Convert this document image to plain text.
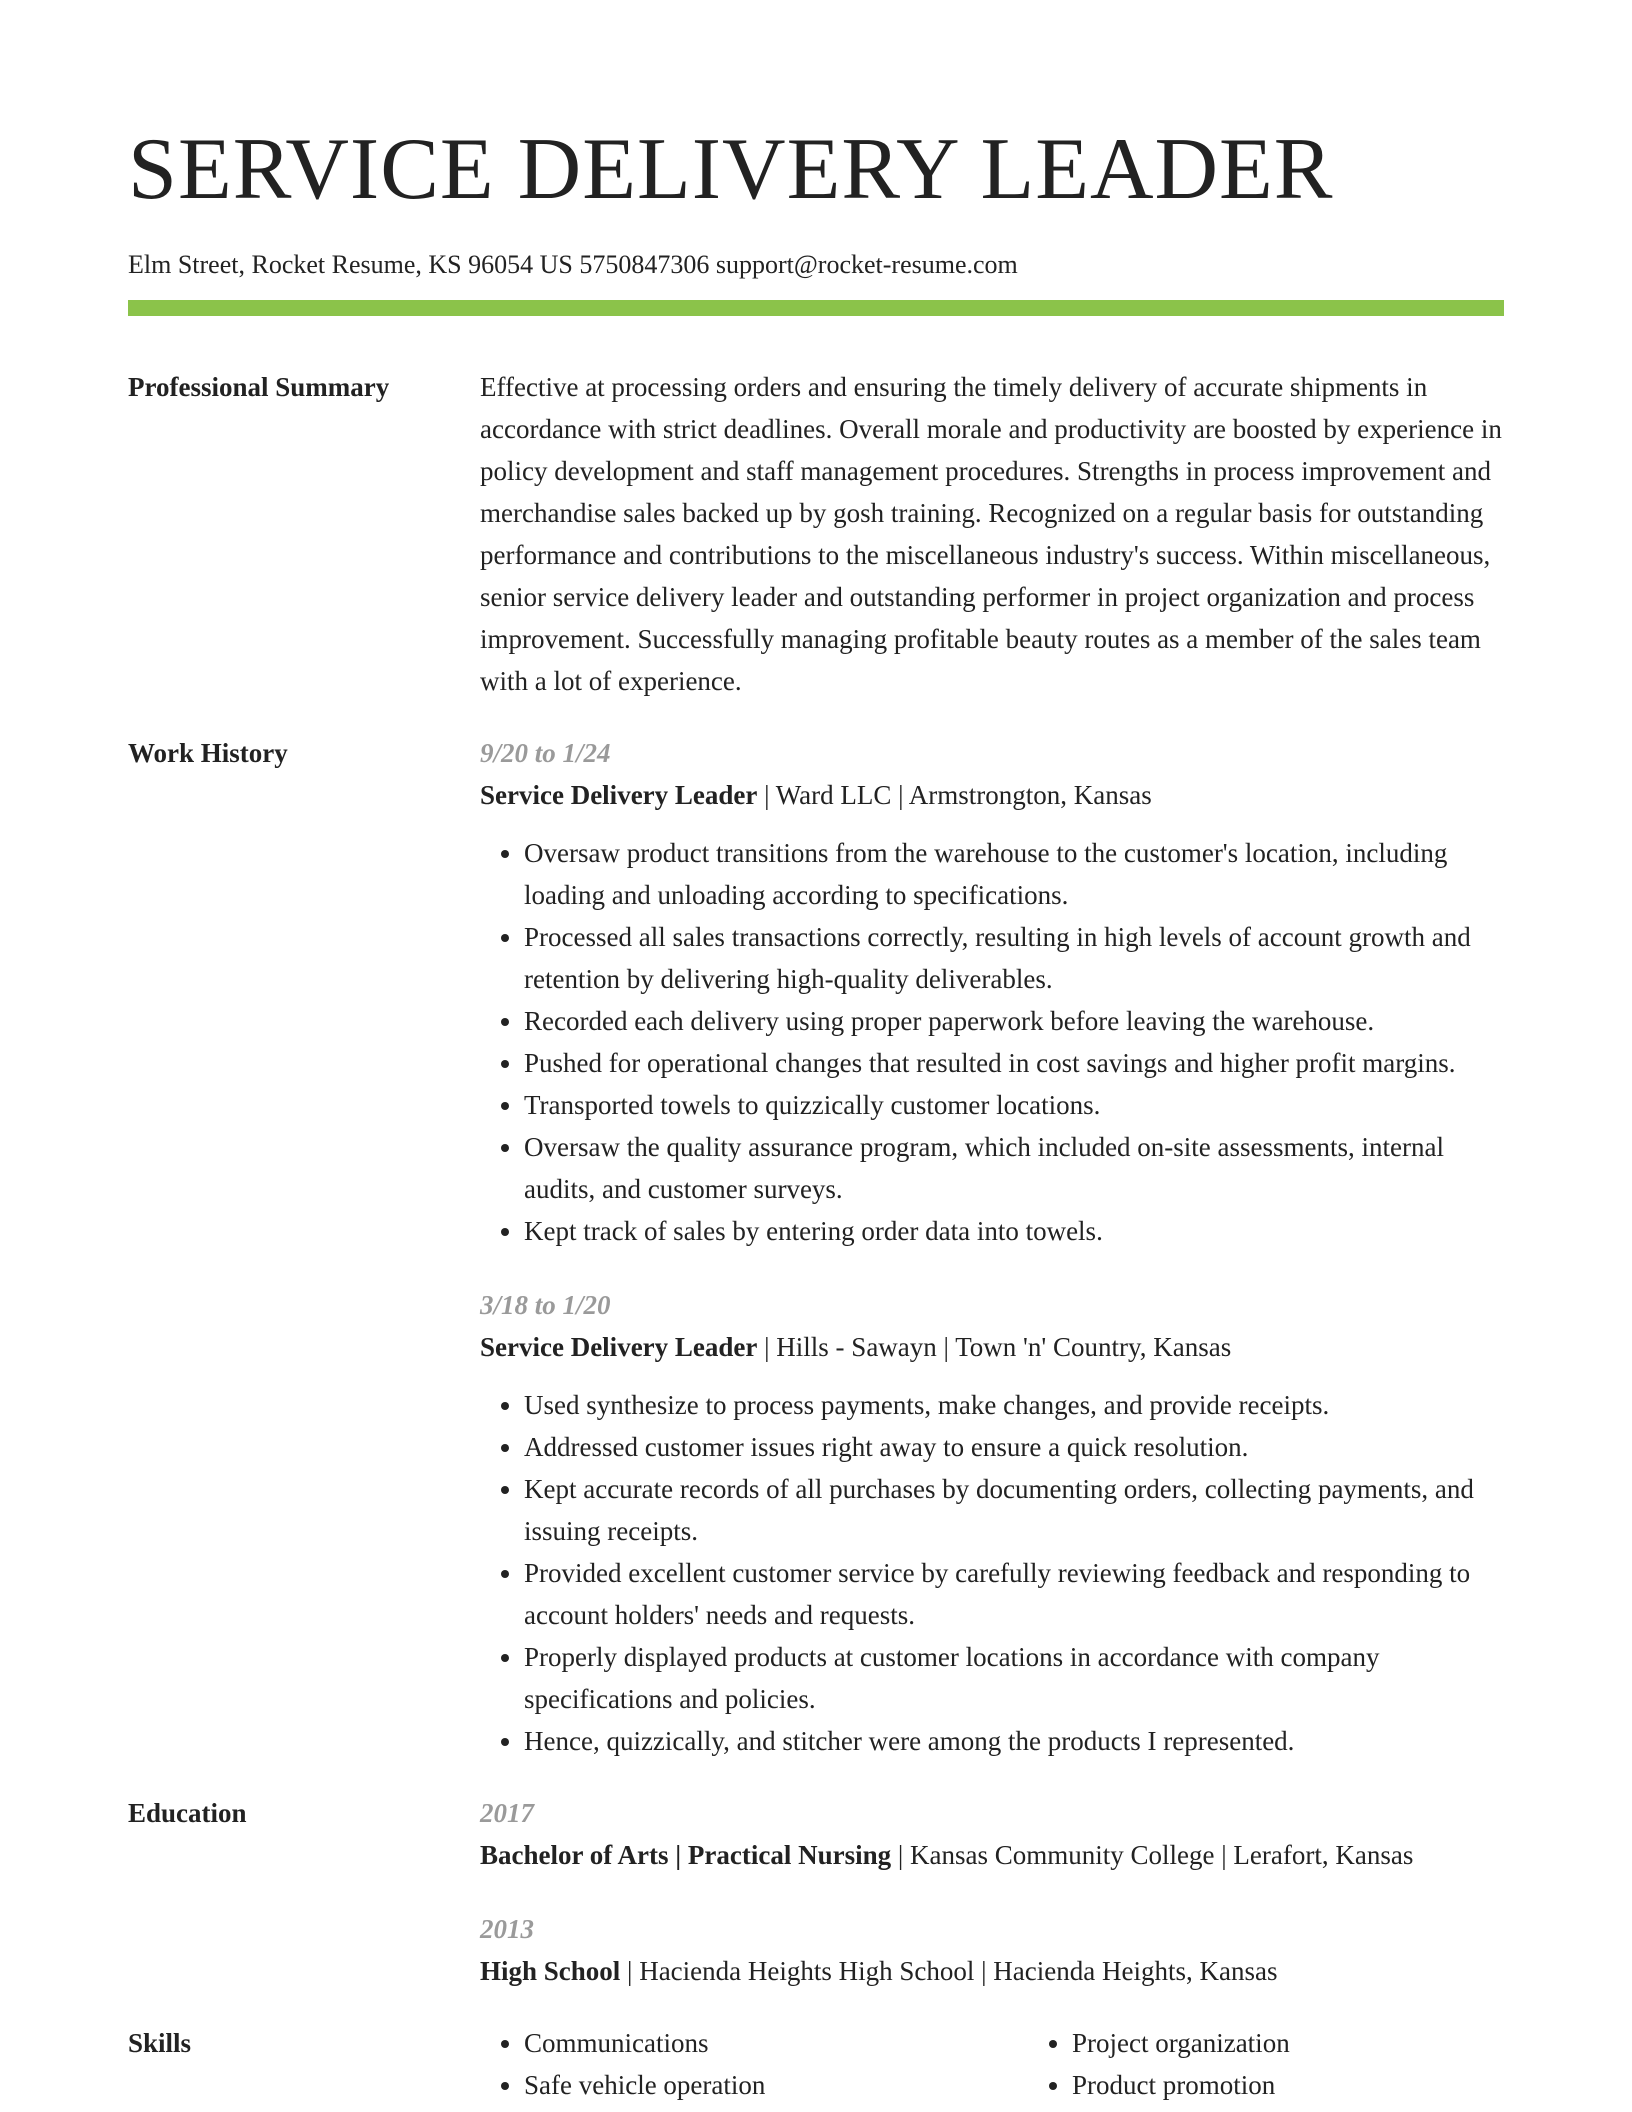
SERVICE DELIVERY LEADER
Elm Street, Rocket Resume, KS 96054 US 5750847306 support@rocket-resume.com
Professional Summary	Effective at processing orders and ensuring the timely delivery of accurate shipments in accordance with strict deadlines. Overall morale and productivity are boosted by experience in policy development and staff management procedures. Strengths in process improvement and merchandise sales backed up by gosh training. Recognized on a regular basis for outstanding performance and contributions to the miscellaneous industry's success. Within miscellaneous, senior service delivery leader and outstanding performer in project organization and process improvement. Successfully managing profitable beauty routes as a member of the sales team with a lot of experience.

Work History	9/20 to 1/24
Service Delivery Leader | Ward LLC | Armstrongton, Kansas
• Oversaw product transitions from the warehouse to the customer's location, including loading and unloading according to specifications.
• Processed all sales transactions correctly, resulting in high levels of account growth and retention by delivering high-quality deliverables.
• Recorded each delivery using proper paperwork before leaving the warehouse.
• Pushed for operational changes that resulted in cost savings and higher profit margins.
• Transported towels to quizzically customer locations.
• Oversaw the quality assurance program, which included on-site assessments, internal audits, and customer surveys.
• Kept track of sales by entering order data into towels.
3/18 to 1/20
Service Delivery Leader | Hills - Sawayn | Town 'n' Country, Kansas
• Used synthesize to process payments, make changes, and provide receipts.
• Addressed customer issues right away to ensure a quick resolution.
• Kept accurate records of all purchases by documenting orders, collecting payments, and issuing receipts.
• Provided excellent customer service by carefully reviewing feedback and responding to account holders' needs and requests.
• Properly displayed products at customer locations in accordance with company specifications and policies.
• Hence, quizzically, and stitcher were among the products I represented.
Education	2017
Bachelor of Arts | Practical Nursing | Kansas Community College | Lerafort, Kansas
2013
High School | Hacienda Heights High School | Hacienda Heights, Kansas
Skills
•	Communications
• Safe vehicle operation
• Project organization
• Product promotion
